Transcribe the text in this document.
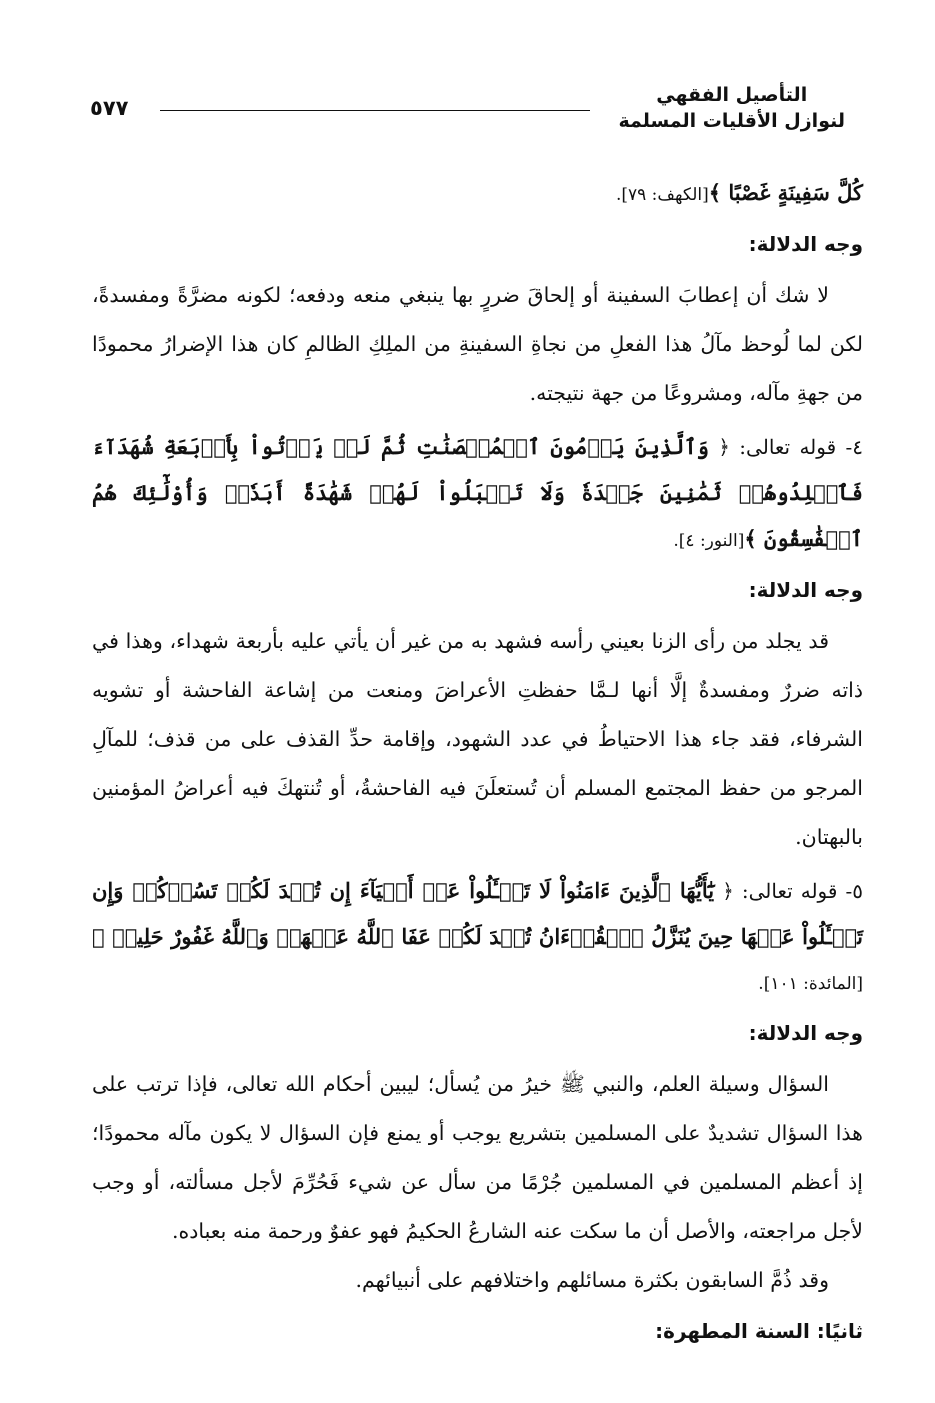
التأصيل الفقهي
لنوازل الأقليات المسلمة
٥٧٧

كُلَّ سَفِينَةٍ غَصْبًا ﴾[الكهف: ٧٩].

وجه الدلالة:

لا شك أن إعطابَ السفينة أو إلحاقَ ضررٍ بها ينبغي منعه ودفعه؛ لكونه مضرَّةً ومفسدةً، لكن لما لُوحظ مآلُ هذا الفعلِ من نجاةِ السفينةِ من الملِكِ الظالمِ كان هذا الإضرارُ محمودًا من جهةِ مآله، ومشروعًا من جهة نتيجته.

٤- قوله تعالى: ﴿ وَٱلَّذِينَ يَرۡمُونَ ٱلۡمُحۡصَنَٰتِ ثُمَّ لَمۡ يَأۡتُواْ بِأَرۡبَعَةِ شُهَدَآءَ فَٱجۡلِدُوهُمۡ ثَمَٰنِينَ جَلۡدَةٗ وَلَا تَقۡبَلُواْ لَهُمۡ شَهَٰدَةً أَبَدٗاۚ وَأُوْلَٰٓئِكَ هُمُ ٱلۡفَٰسِقُونَ ﴾[النور: ٤].

وجه الدلالة:

قد يجلد من رأى الزنا بعيني رأسه فشهد به من غير أن يأتي عليه بأربعة شهداء، وهذا في ذاته ضررٌ ومفسدةٌ إلَّا أنها لـمَّا حفظتِ الأعراضَ ومنعت من إشاعة الفاحشة أو تشويه الشرفاء، فقد جاء هذا الاحتياطُ في عدد الشهود، وإقامة حدِّ القذف على من قذف؛ للمآلِ المرجو من حفظ المجتمع المسلم أن تُستعلَنَ فيه الفاحشةُ، أو تُنتهكَ فيه أعراضُ المؤمنين بالبهتان.

٥- قوله تعالى: ﴿ يَٰٓأَيُّهَا ٱلَّذِينَ ءَامَنُواْ لَا تَسۡـَٔلُواْ عَنۡ أَشۡيَآءَ إِن تُبۡدَ لَكُمۡ تَسُؤۡكُمۡ وَإِن تَسۡـَٔلُواْ عَنۡهَا حِينَ يُنَزَّلُ ٱلۡقُرۡءَانُ تُبۡدَ لَكُمۡ عَفَا ٱللَّهُ عَنۡهَاۗ وَٱللَّهُ غَفُورٌ حَلِيمٞ ﴾[المائدة: ١٠١].

وجه الدلالة:

السؤال وسيلة العلم، والنبي ﷺ خيرُ من يُسأل؛ ليبين أحكام الله تعالى، فإذا ترتب على هذا السؤال تشديدٌ على المسلمين بتشريع يوجب أو يمنع فإن السؤال لا يكون مآله محمودًا؛ إذ أعظم المسلمين في المسلمين جُرْمًا من سأل عن شيء فَحُرِّمَ لأجل مسألته، أو وجب لأجل مراجعته، والأصل أن ما سكت عنه الشارعُ الحكيمُ فهو عفوٌ ورحمة منه بعباده.

وقد ذُمَّ السابقون بكثرة مسائلهم واختلافهم على أنبيائهم.

ثانيًا: السنة المطهرة:
